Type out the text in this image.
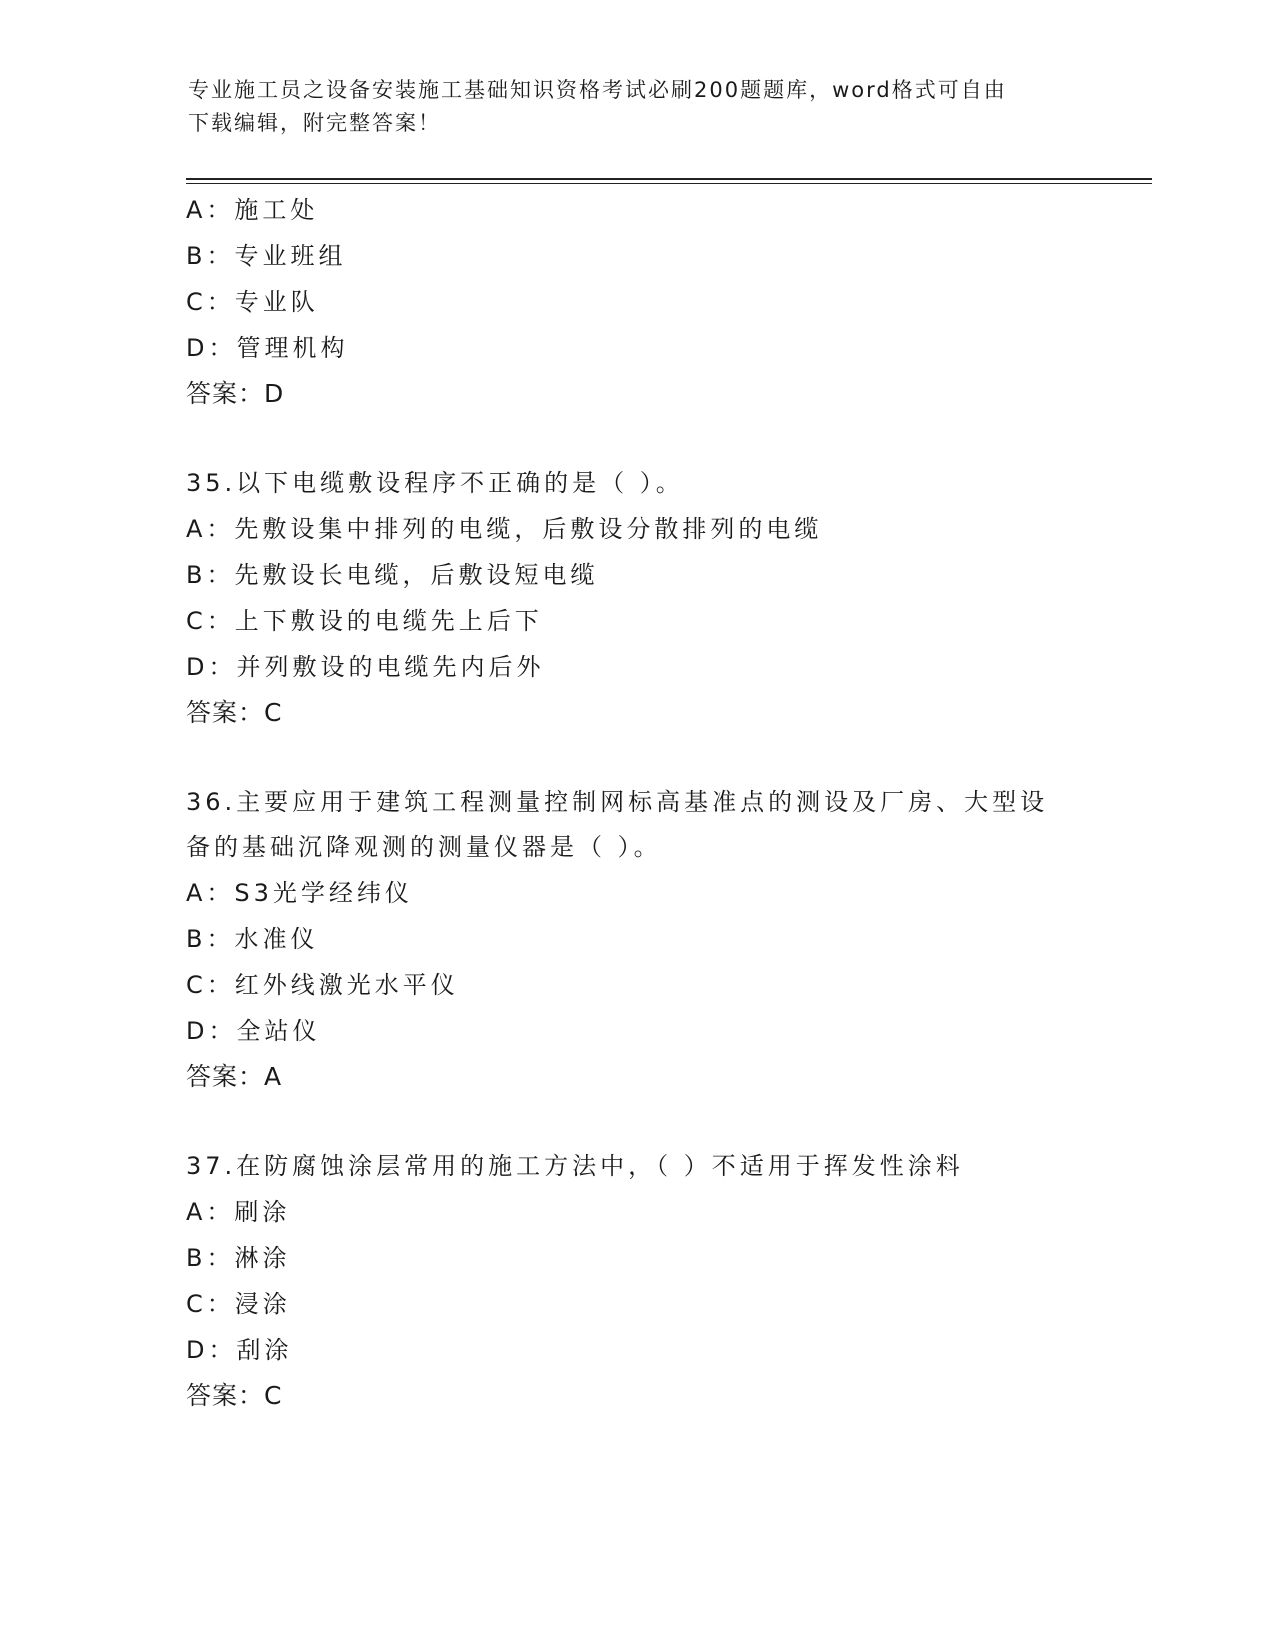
专业施工员之设备安装施工基础知识资格考试必刷200题题库，word格式可自由
下载编辑，附完整答案！
A：施工处
B：专业班组
C：专业队
D：管理机构
答案：D
35.以下电缆敷设程序不正确的是（ ）。
A：先敷设集中排列的电缆，后敷设分散排列的电缆
B：先敷设长电缆，后敷设短电缆
C：上下敷设的电缆先上后下
D：并列敷设的电缆先内后外
答案：C
36.主要应用于建筑工程测量控制网标高基准点的测设及厂房、大型设
备的基础沉降观测的测量仪器是（ ）。
A：S3光学经纬仪
B：水准仪
C：红外线激光水平仪
D：全站仪
答案：A
37.在防腐蚀涂层常用的施工方法中，（ ）不适用于挥发性涂料
A：刷涂
B：淋涂
C：浸涂
D：刮涂
答案：C
